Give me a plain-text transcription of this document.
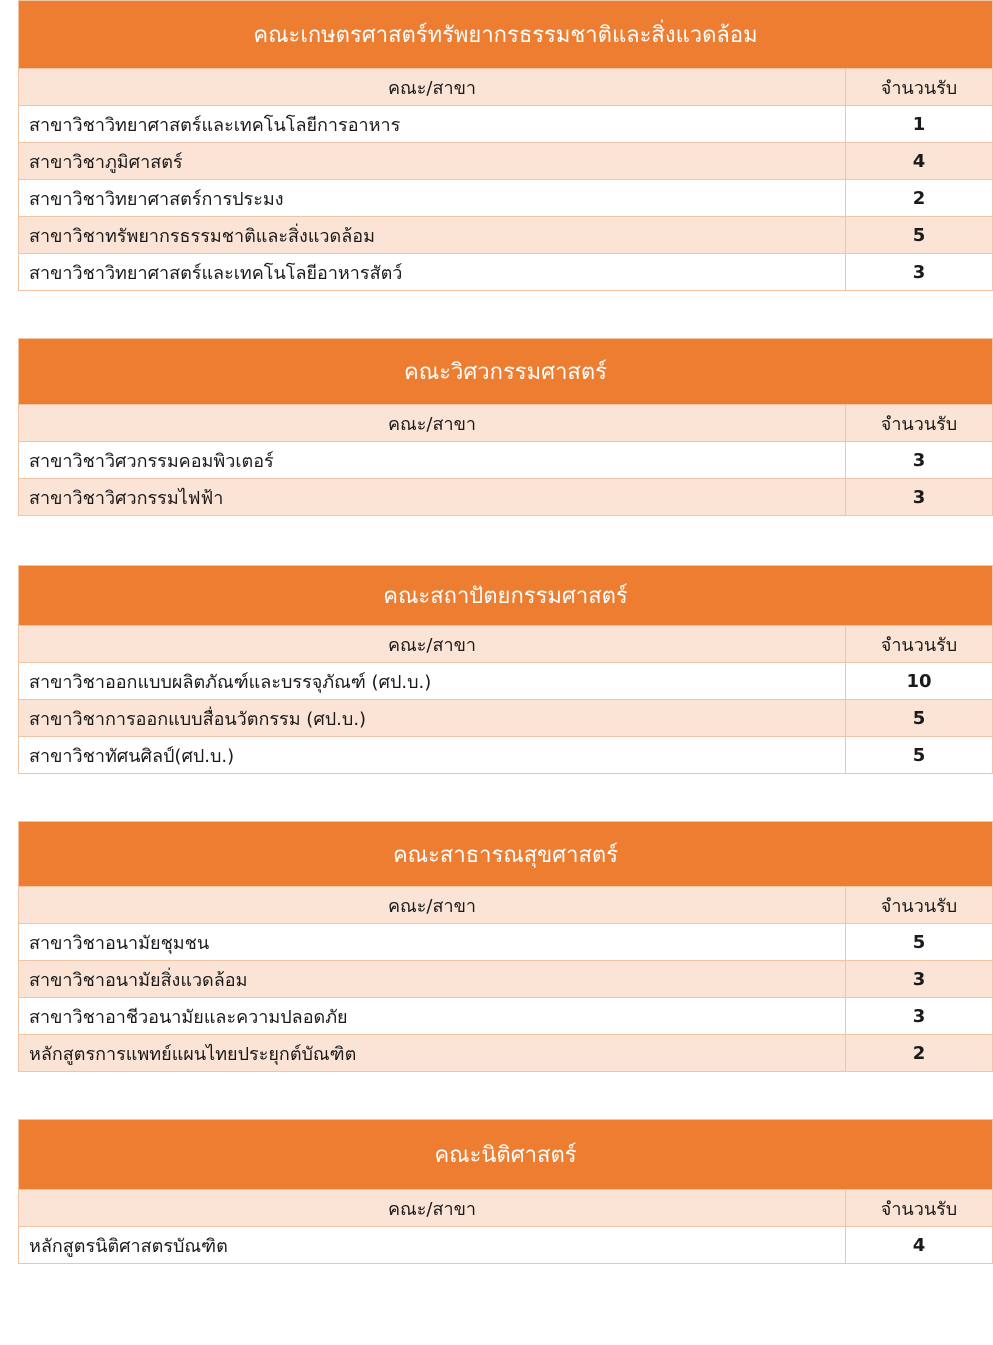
คณะเกษตรศาสตร์ทรัพยากรธรรมชาติและสิ่งแวดล้อม
คณะ/สาขา	จำนวนรับ
สาขาวิชาวิทยาศาสตร์และเทคโนโลยีการอาหาร	1
สาขาวิชาภูมิศาสตร์	4
สาขาวิชาวิทยาศาสตร์การประมง	2
สาขาวิชาทรัพยากรธรรมชาติและสิ่งแวดล้อม	5
สาขาวิชาวิทยาศาสตร์และเทคโนโลยีอาหารสัตว์	3
คณะวิศวกรรมศาสตร์
คณะ/สาขา	จำนวนรับ
สาขาวิชาวิศวกรรมคอมพิวเตอร์	3
สาขาวิชาวิศวกรรมไฟฟ้า	3
คณะสถาปัตยกรรมศาสตร์
คณะ/สาขา	จำนวนรับ
สาขาวิชาออกแบบผลิตภัณฑ์และบรรจุภัณฑ์ (ศป.บ.)	10
สาขาวิชาการออกแบบสื่อนวัตกรรม (ศป.บ.)	5
สาขาวิชาทัศนศิลป์(ศป.บ.)	5
คณะสาธารณสุขศาสตร์
คณะ/สาขา	จำนวนรับ
สาขาวิชาอนามัยชุมชน	5
สาขาวิชาอนามัยสิ่งแวดล้อม	3
สาขาวิชาอาชีวอนามัยและความปลอดภัย	3
หลักสูตรการแพทย์แผนไทยประยุกต์บัณฑิต	2
คณะนิติศาสตร์
คณะ/สาขา	จำนวนรับ
หลักสูตรนิติศาสตรบัณฑิต	4
